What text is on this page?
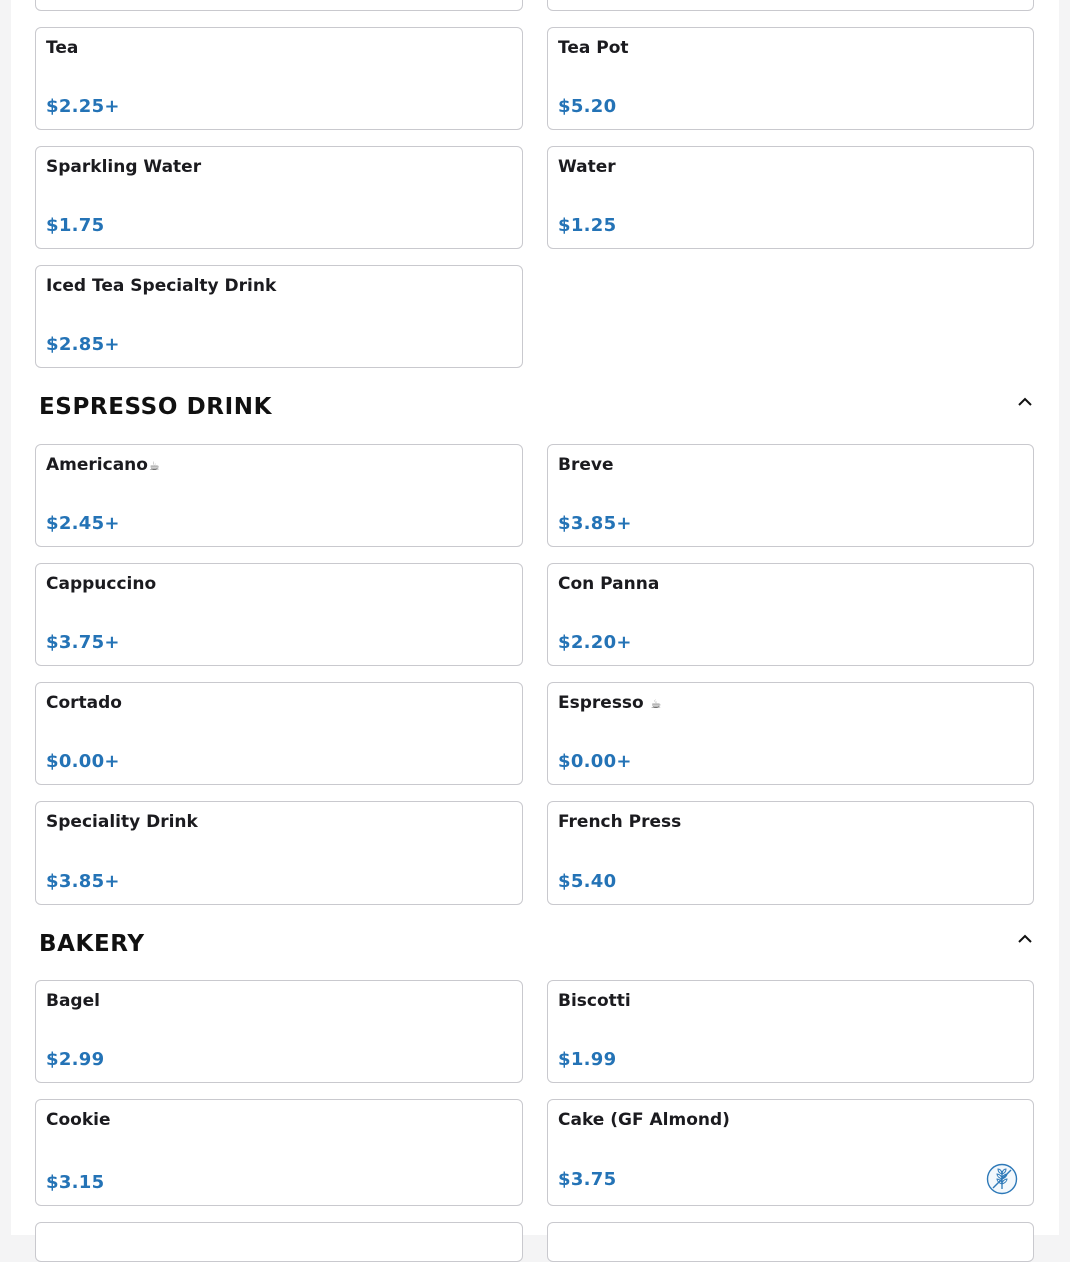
Tea
$2.25+
Tea Pot
$5.20
Sparkling Water
$1.75
Water
$1.25
Iced Tea Specialty Drink
$2.85+
ESPRESSO DRINK
Americano☕
$2.45+
Breve
$3.85+
Cappuccino
$3.75+
Con Panna
$2.20+
Cortado
$0.00+
Espresso ☕
$0.00+
Speciality Drink
$3.85+
French Press
$5.40
BAKERY
Bagel
$2.99
Biscotti
$1.99
Cookie
$3.15
Cake (GF Almond)
$3.75
